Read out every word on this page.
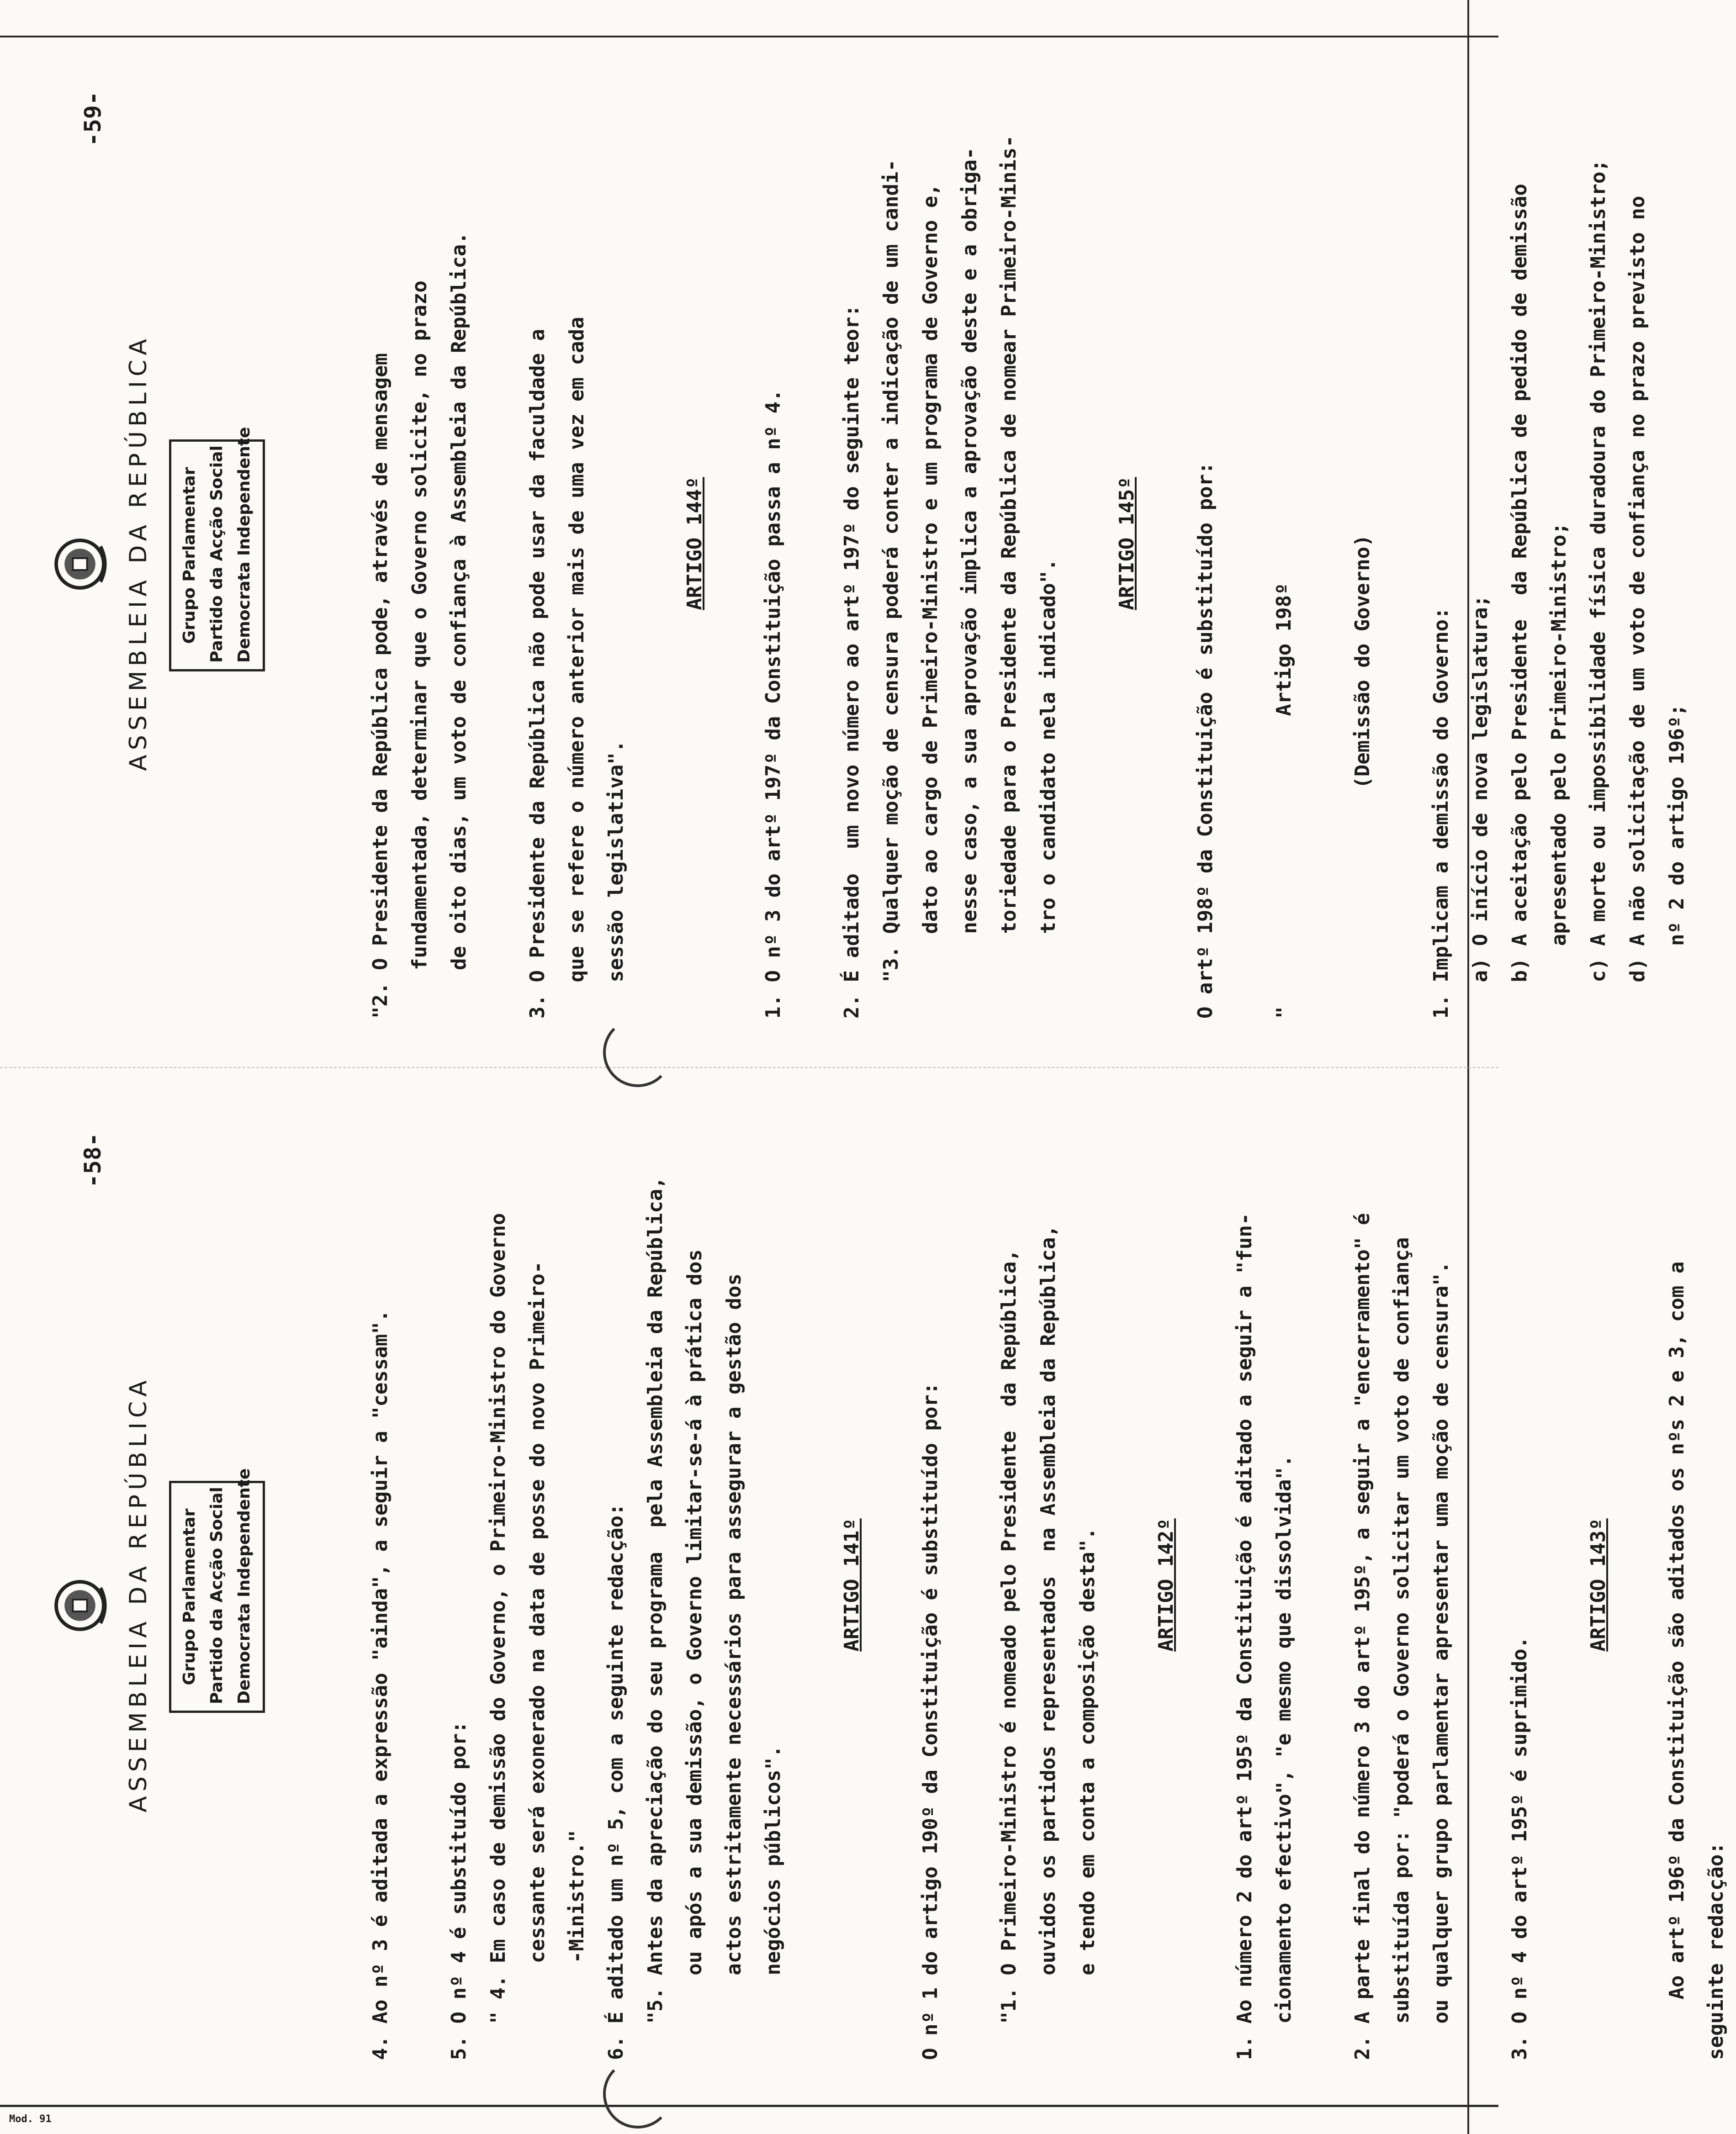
ASSEMBLEIA DA REPÚBLICA	Grupo Parlamentar Partido da Acção Social Democrata Independente
-59-

"2. O Presidente da República pode, através de mensagem fundamentada, determinar que o Governo solicite, no prazo de oito dias, um voto de confiança à Assembleia da República.

	3. O Presidente da República não pode usar da faculdade a que se refere o número anterior mais de uma vez em cada sessão legislativa".

ARTIGO 144º

	1. O nº 3 do artº 197º da Constituição passa a nº 4.

	2. É aditado  um novo número ao artº 197º do seguinte teor: "3. Qualquer moção de censura poderá conter a indicação de um candi- dato ao cargo de Primeiro-Ministro e um programa de Governo e, nesse caso, a sua aprovação implica a aprovação deste e a obriga- toriedade para o Presidente da República de nomear Primeiro-Minis- tro o candidato nela indicado".

ARTIGO 145º

	O artº 198º da Constituição é substituído por:

	"                        Artigo 198º

	(Demissão do Governo)

	1. Implicam a demissão do Governo: a) O início de nova legislatura; b) A aceitação pelo Presidente  da República de pedido de demissão apresentado pelo Primeiro-Ministro; c) A morte ou impossibilidade física duradoura do Primeiro-Ministro; d) A não solicitação de um voto de confiança no prazo previsto no nº 2 do artigo 196º;

ASSEMBLEIA DA REPÚBLICA	Grupo Parlamentar Partido da Acção Social Democrata Independente
-58-

4. Ao nº 3 é aditada a expressão "ainda", a seguir a "cessam".

	5. O nº 4 é substituído por: " 4. Em caso de demissão do Governo, o Primeiro-Ministro do Governo cessante será exonerado na data de posse do novo Primeiro- -Ministro." 6. É aditado um nº 5, com a seguinte redacção: "5. Antes da apreciação do seu programa  pela Assembleia da República, ou após a sua demissão, o Governo limitar-se-á à prática dos actos estritamente necessários para assegurar a gestão dos negócios públicos".

ARTIGO 141º

	O nº 1 do artigo 190º da Constituição é substituído por:

	"1. O Primeiro-Ministro é nomeado pelo Presidente  da República, ouvidos os partidos representados  na Assembleia da República, e tendo em conta a composição desta".

	ARTIGO 142º

	1. Ao número 2 do artº 195º da Constituição é aditado a seguir a "fun- cionamento efectivo", "e mesmo que dissolvida".

	2. A parte final do número 3 do artº 195º, a seguir a "encerramento" é substituída por: "poderá o Governo solicitar um voto de confiança ou qualquer grupo parlamentar apresentar uma moção de censura".

	3. O nº 4 do artº 195º é suprimido.

ARTIGO 143º

	Ao artº 196º da Constituição são aditados os nºs 2 e 3, com a seguinte redacção:

Mod. 91
